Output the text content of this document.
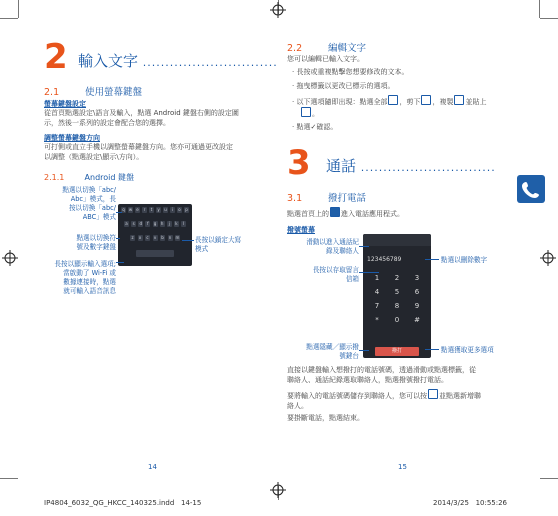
2 輸入文字 ..............................
2.1	使用螢幕鍵盤
螢幕鍵盤設定
從首頁點選設定\語言及輸入，點選 Android 鍵盤右側的設定圖
示，然後一系列的設定會配合您的選擇。
調整螢幕鍵盤方向
可打側或直立手機以調整螢幕鍵盤方向。您亦可通過更改設定
以調整（點選設定\顯示\方向）。
2.1.1	Android 鍵盤
點選以切換「abc/
Abc」模式，長
按以切換「abc/
ABC」模式
點選以切換符
號及數字鍵盤
長按以鎖定大寫
模式
長按以顯示輸入選項;
當啟動了 Wi-Fi 或
數據連接時，點選
就可輸入語音訊息
q	w	e	r	t	y	u	i	o	p
a	s	d	f	g	h	j	k	l
z	x	c	v	b	n	m
14
2.2	編輯文字
您可以編輯已輸入文字。
· 長按或重複點擊您想要修改的文本。
· 拖曳標籤以更改已標示的選項。
· 以下選項隨即出現：點選全部 ，剪下 ，複製 並貼上
。
· 點選✓確認。
3 通話 ..............................
3.1	撥打電話
點選首頁上的 進入電話應用程式。
撥號螢幕
滑動以進入通話紀
錄及聯絡人
點選以刪除數字
長按以存取留言
信箱
點選隱藏／顯示撥
號鍵台
點選獲取更多選項
123456789
1	2	3
4	5	6
7	8	9
*	0	#
撥打
直接以鍵盤輸入想撥打的電話號碼，透過滑動或點選標籤，從
聯絡人、通話紀錄選取聯絡人，點選撥號撥打電話。
要將輸入的電話號碼儲存到聯絡人，您可以按 並點選新增聯
絡人。
要掛斷電話，點選結束。
15
IP4804_6032_QG_HKCC_140325.indd   14-15	2014/3/25   10:55:26
